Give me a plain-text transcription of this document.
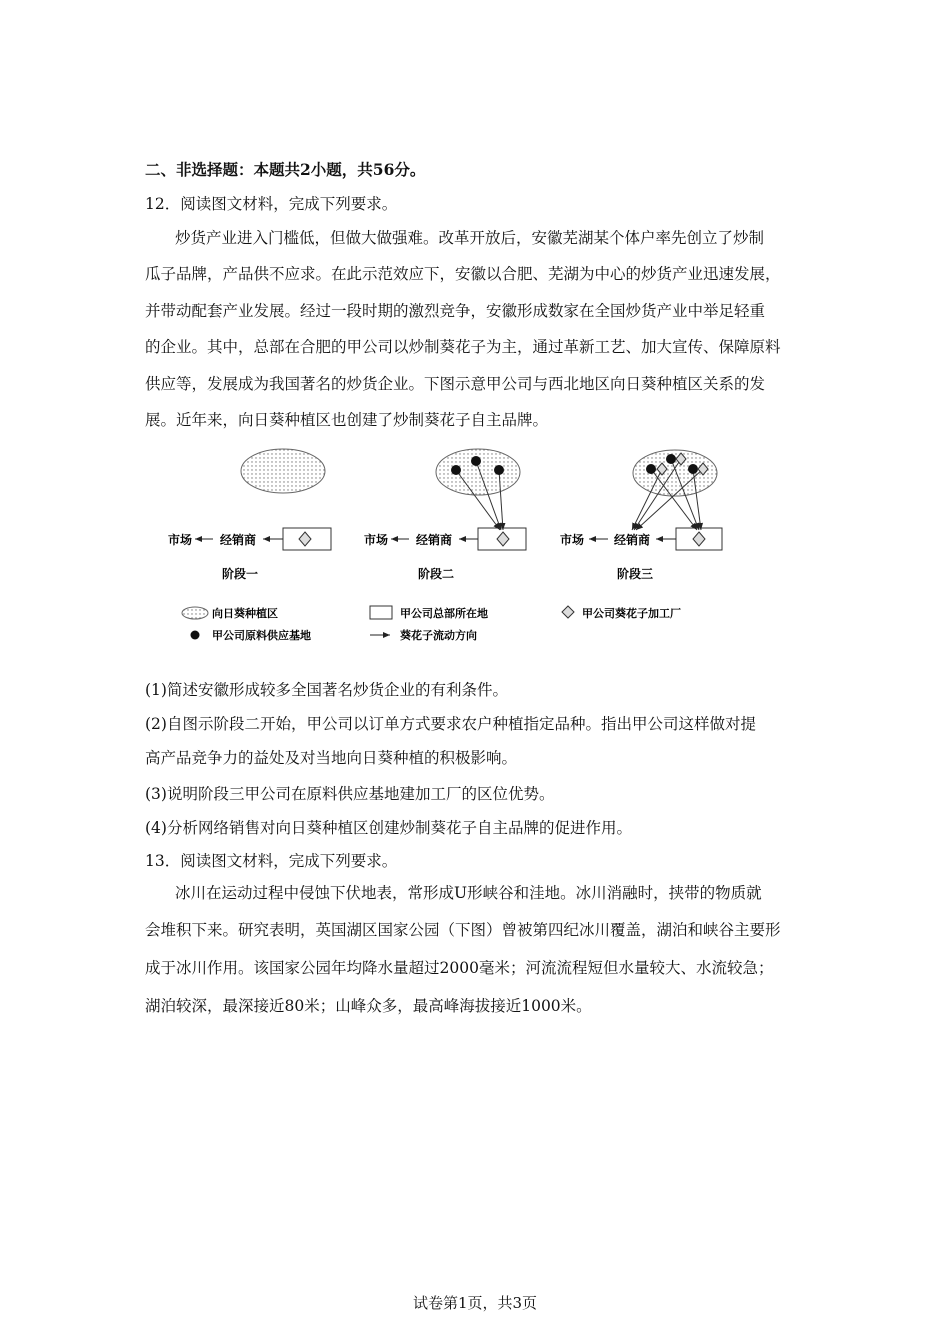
二、非选择题：本题共2小题，共56分。
12．阅读图文材料，完成下列要求。
炒货产业进入门槛低，但做大做强难。改革开放后，安徽芜湖某个体户率先创立了炒制
瓜子品牌，产品供不应求。在此示范效应下，安徽以合肥、芜湖为中心的炒货产业迅速发展，
并带动配套产业发展。经过一段时期的激烈竞争，安徽形成数家在全国炒货产业中举足轻重
的企业。其中，总部在合肥的甲公司以炒制葵花子为主，通过革新工艺、加大宣传、保障原料
供应等，发展成为我国著名的炒货企业。下图示意甲公司与西北地区向日葵种植区关系的发
展。近年来，向日葵种植区也创建了炒制葵花子自主品牌。
经销商
市场
阶段一
经销商
市场
阶段二
经销商
市场
阶段三
向日葵种植区	甲公司总部所在地	甲公司葵花子加工厂
甲公司原料供应基地	葵花子流动方向
(1)简述安徽形成较多全国著名炒货企业的有利条件。
(2)自图示阶段二开始，甲公司以订单方式要求农户种植指定品种。指出甲公司这样做对提
高产品竞争力的益处及对当地向日葵种植的积极影响。
(3)说明阶段三甲公司在原料供应基地建加工厂的区位优势。
(4)分析网络销售对向日葵种植区创建炒制葵花子自主品牌的促进作用。
13．阅读图文材料，完成下列要求。
冰川在运动过程中侵蚀下伏地表，常形成U形峡谷和洼地。冰川消融时，挟带的物质就
会堆积下来。研究表明，英国湖区国家公园（下图）曾被第四纪冰川覆盖，湖泊和峡谷主要形
成于冰川作用。该国家公园年均降水量超过2000毫米；河流流程短但水量较大、水流较急；
湖泊较深，最深接近80米；山峰众多，最高峰海拔接近1000米。
试卷第1页，共3页
